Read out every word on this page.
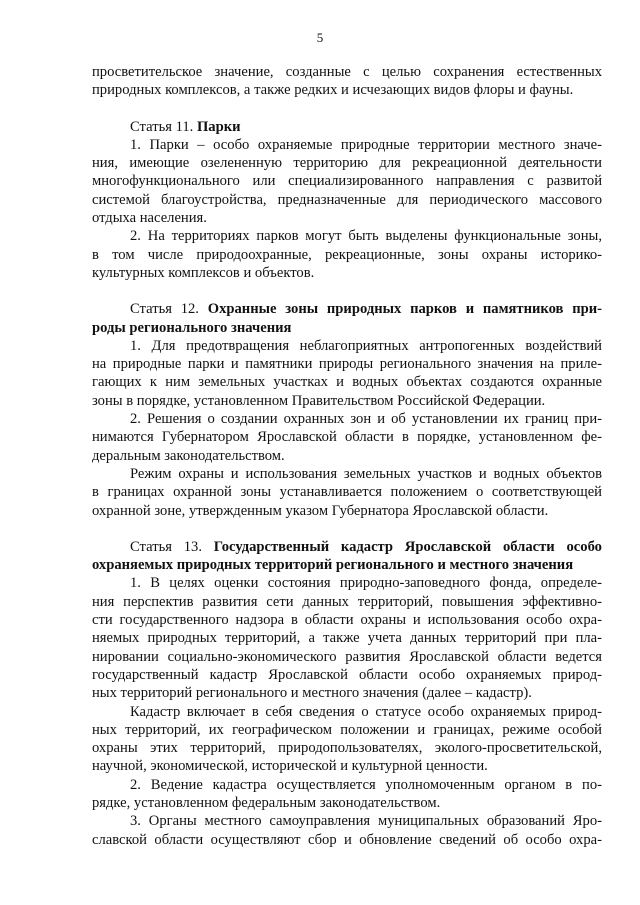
5
просветительское значение, созданные с целью сохранения естественных
природных комплексов, а также редких и исчезающих видов флоры и фауны.
Статья 11. Парки
1. Парки – особо охраняемые природные территории местного значе-
ния, имеющие озелененную территорию для рекреационной деятельности
многофункционального или специализированного направления с развитой
системой благоустройства, предназначенные для периодического массового
отдыха населения.
2. На территориях парков могут быть выделены функциональные зоны,
в том числе природоохранные, рекреационные, зоны охраны историко-
культурных комплексов и объектов.
Статья 12. Охранные зоны природных парков и памятников при-
роды регионального значения
1. Для предотвращения неблагоприятных антропогенных воздействий
на природные парки и памятники природы регионального значения на приле-
гающих к ним земельных участках и водных объектах создаются охранные
зоны в порядке, установленном Правительством Российской Федерации.
2. Решения о создании охранных зон и об установлении их границ при-
нимаются Губернатором Ярославской области в порядке, установленном фе-
деральным законодательством.
Режим охраны и использования земельных участков и водных объектов
в границах охранной зоны устанавливается положением о соответствующей
охранной зоне, утвержденным указом Губернатора Ярославской области.
Статья 13. Государственный кадастр Ярославской области особо
охраняемых природных территорий регионального и местного значения
1. В целях оценки состояния природно-заповедного фонда, определе-
ния перспектив развития сети данных территорий, повышения эффективно-
сти государственного надзора в области охраны и использования особо охра-
няемых природных территорий, а также учета данных территорий при пла-
нировании социально-экономического развития Ярославской области ведется
государственный кадастр Ярославской области особо охраняемых природ-
ных территорий регионального и местного значения (далее – кадастр).
Кадастр включает в себя сведения о статусе особо охраняемых природ-
ных территорий, их географическом положении и границах, режиме особой
охраны этих территорий, природопользователях, эколого-просветительской,
научной, экономической, исторической и культурной ценности.
2. Ведение кадастра осуществляется уполномоченным органом в по-
рядке, установленном федеральным законодательством.
3. Органы местного самоуправления муниципальных образований Яро-
славской области осуществляют сбор и обновление сведений об особо охра-
